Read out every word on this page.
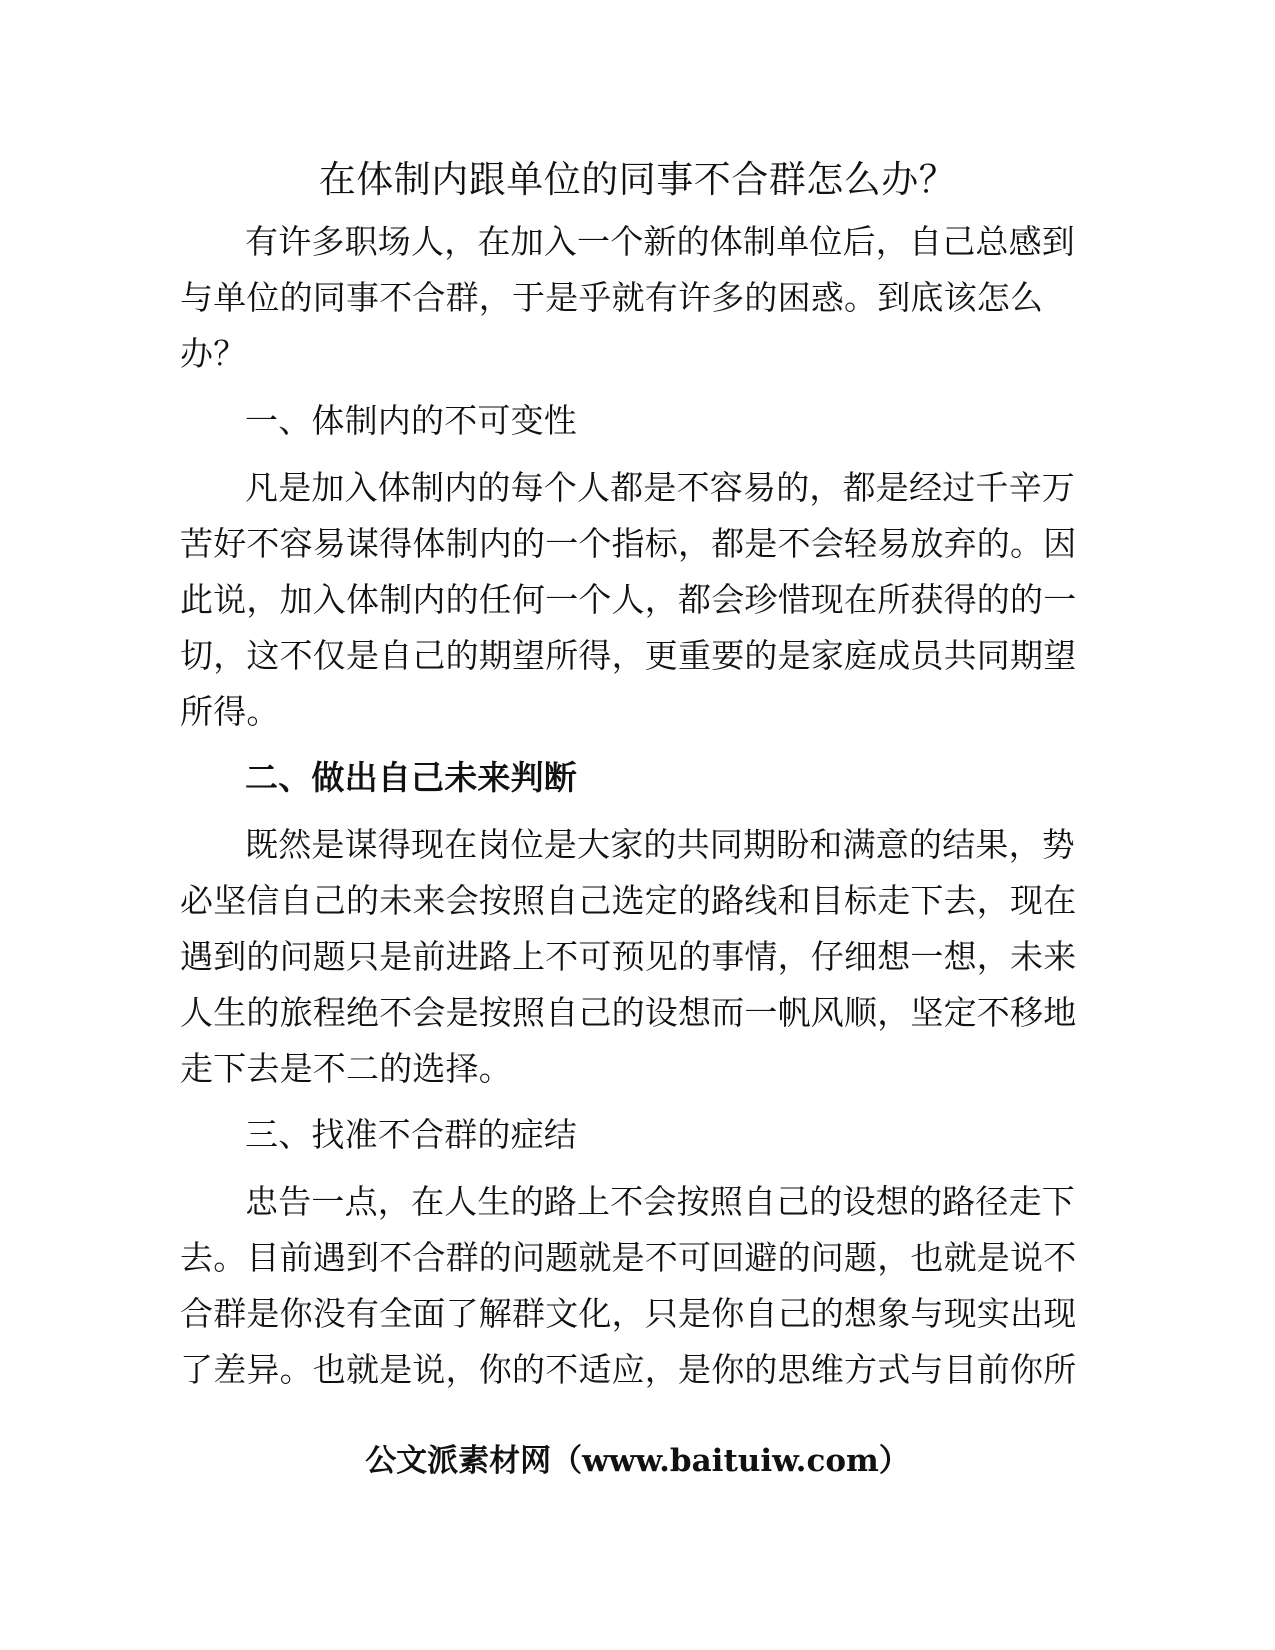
在体制内跟单位的同事不合群怎么办？

有许多职场人，在加入一个新的体制单位后，自己总感到

与单位的同事不合群，于是乎就有许多的困惑。到底该怎么

办？

一、体制内的不可变性

凡是加入体制内的每个人都是不容易的，都是经过千辛万

苦好不容易谋得体制内的一个指标，都是不会轻易放弃的。因

此说，加入体制内的任何一个人，都会珍惜现在所获得的的一

切，这不仅是自己的期望所得，更重要的是家庭成员共同期望

所得。

二、做出自己未来判断

既然是谋得现在岗位是大家的共同期盼和满意的结果，势

必坚信自己的未来会按照自己选定的路线和目标走下去，现在

遇到的问题只是前进路上不可预见的事情，仔细想一想，未来

人生的旅程绝不会是按照自己的设想而一帆风顺，坚定不移地

走下去是不二的选择。

三、找准不合群的症结

忠告一点，在人生的路上不会按照自己的设想的路径走下

去。目前遇到不合群的问题就是不可回避的问题，也就是说不

合群是你没有全面了解群文化，只是你自己的想象与现实出现

了差异。也就是说，你的不适应，是你的思维方式与目前你所

公文派素材网（www.baituiw.com）
